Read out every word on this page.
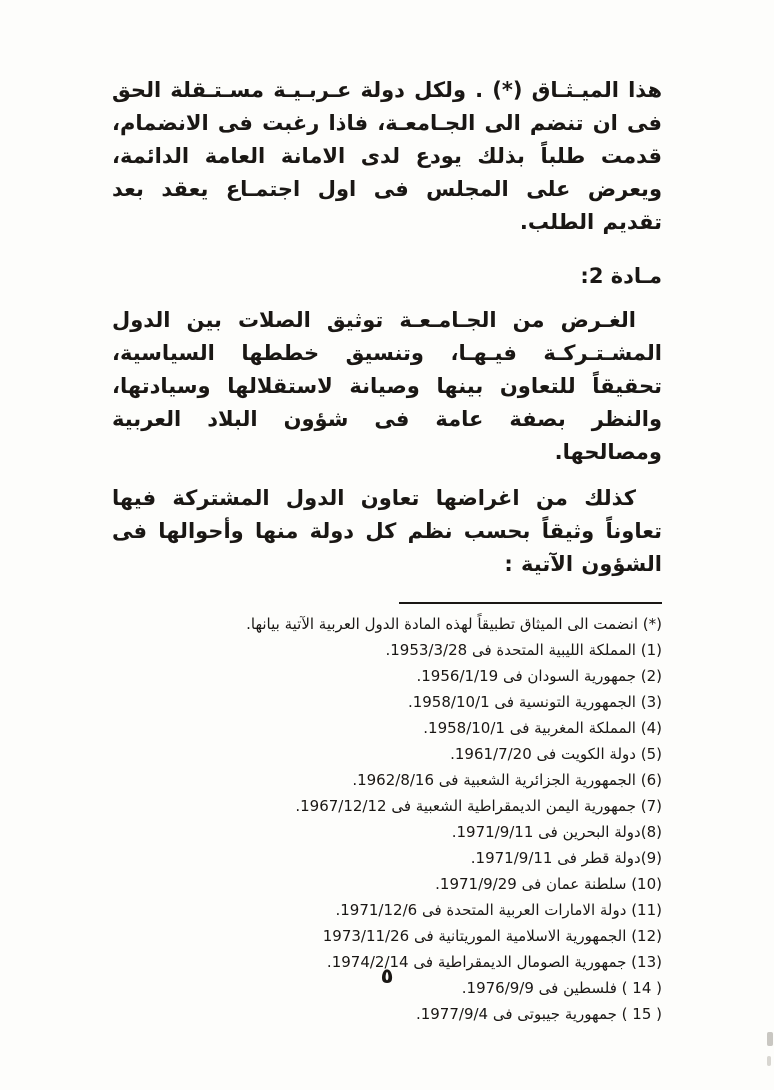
هذا الميـثـاق (*) . ولكل دولة عـربـيـة مسـتـقلة الحق فى ان تنضم الى الجـامعـة، فاذا رغبت فى الانضمام، قدمت طلباً بذلك يودع لدى الامانة العامة الدائمة، ويعرض على المجلس فى اول اجتمـاع يعقد بعد تقديم الطلب.

مـادة 2:

الغـرض من الجـامـعـة توثيق الصلات بين الدول المشـتـركـة فيـهـا، وتنسيق خططها السياسية، تحقيقاً للتعاون بينها وصيانة لاستقلالها وسيادتها، والنظر بصفة عامة فى شؤون البلاد العربية ومصالحها.

كذلك من اغراضها تعاون الدول المشتركة فيها تعاوناً وثيقاً بحسب نظم كل دولة منها وأحوالها فى الشؤون الآتية :

(*) انضمت الى الميثاق تطبيقاً لهذه المادة الدول العربية الآتية بيانها.

(1) المملكة الليبية المتحدة فى 1953/3/28.

(2) جمهورية السودان فى 1956/1/19.

(3) الجمهورية التونسية فى 1958/10/1.

(4) المملكة المغربية فى 1958/10/1.

(5) دولة الكويت فى 1961/7/20.

(6) الجمهورية الجزائرية الشعبية فى 1962/8/16.

(7) جمهورية اليمن الديمقراطية الشعبية فى 1967/12/12.

(8)دولة البحرين فى 1971/9/11.

(9)دولة قطر فى 1971/9/11.

(10) سلطنة عمان فى 1971/9/29.

(11) دولة الامارات العربية المتحدة فى 1971/12/6.

(12) الجمهورية الاسلامية الموريتانية فى 1973/11/26

(13) جمهورية الصومال الديمقراطية فى 1974/2/14.

( 14 ) فلسطين فى 1976/9/9.

( 15 ) جمهورية جيبوتى فى 1977/9/4.

٥
